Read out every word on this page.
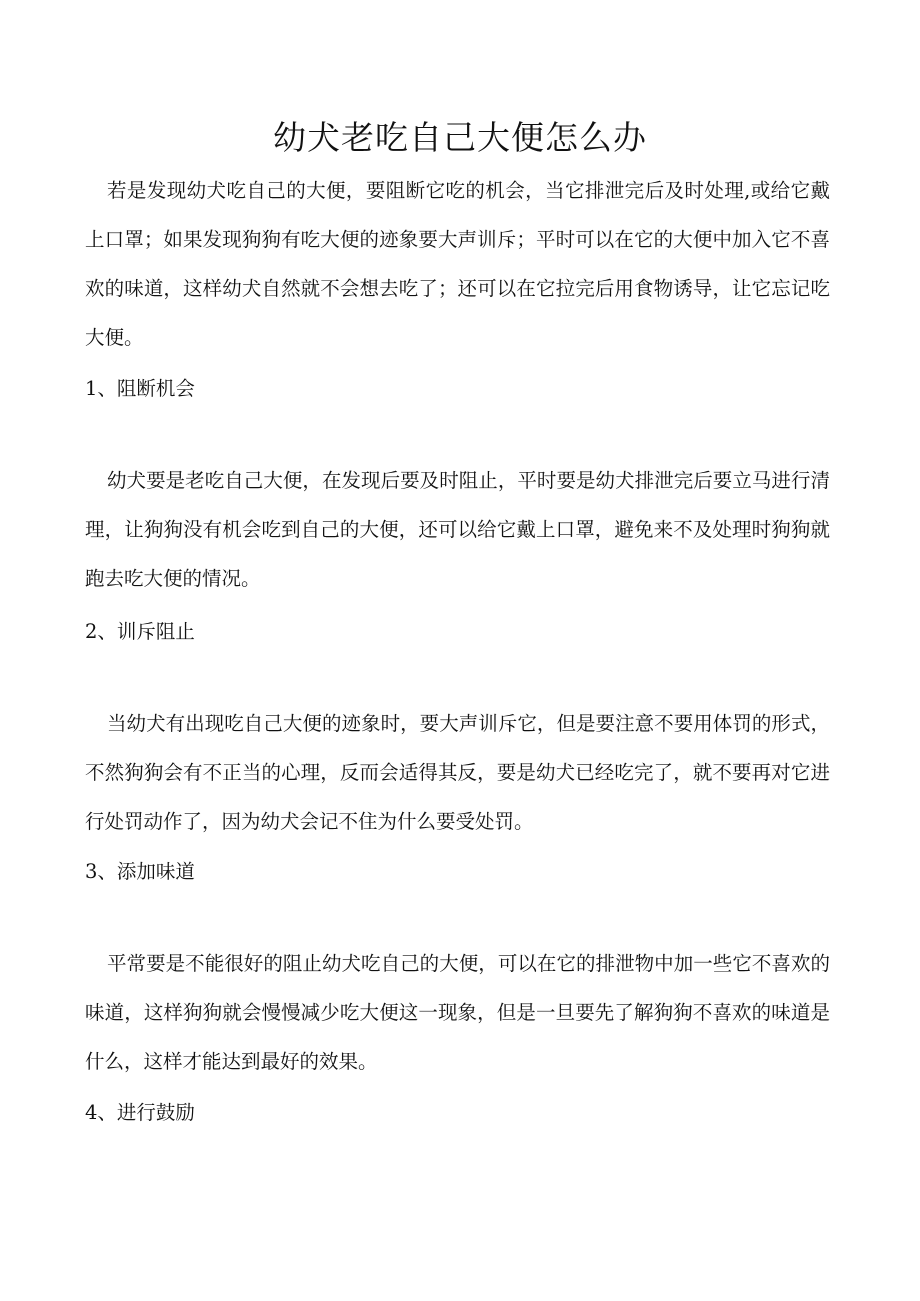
幼犬老吃自己大便怎么办

若是发现幼犬吃自己的大便，要阻断它吃的机会，当它排泄完后及时处理,或给它戴上口罩；如果发现狗狗有吃大便的迹象要大声训斥；平时可以在它的大便中加入它不喜欢的味道，这样幼犬自然就不会想去吃了；还可以在它拉完后用食物诱导，让它忘记吃大便。

1、阻断机会

幼犬要是老吃自己大便，在发现后要及时阻止，平时要是幼犬排泄完后要立马进行清理，让狗狗没有机会吃到自己的大便，还可以给它戴上口罩，避免来不及处理时狗狗就跑去吃大便的情况。

2、训斥阻止

当幼犬有出现吃自己大便的迹象时，要大声训斥它，但是要注意不要用体罚的形式，不然狗狗会有不正当的心理，反而会适得其反，要是幼犬已经吃完了，就不要再对它进行处罚动作了，因为幼犬会记不住为什么要受处罚。

3、添加味道

平常要是不能很好的阻止幼犬吃自己的大便，可以在它的排泄物中加一些它不喜欢的味道，这样狗狗就会慢慢减少吃大便这一现象，但是一旦要先了解狗狗不喜欢的味道是什么，这样才能达到最好的效果。

4、进行鼓励
